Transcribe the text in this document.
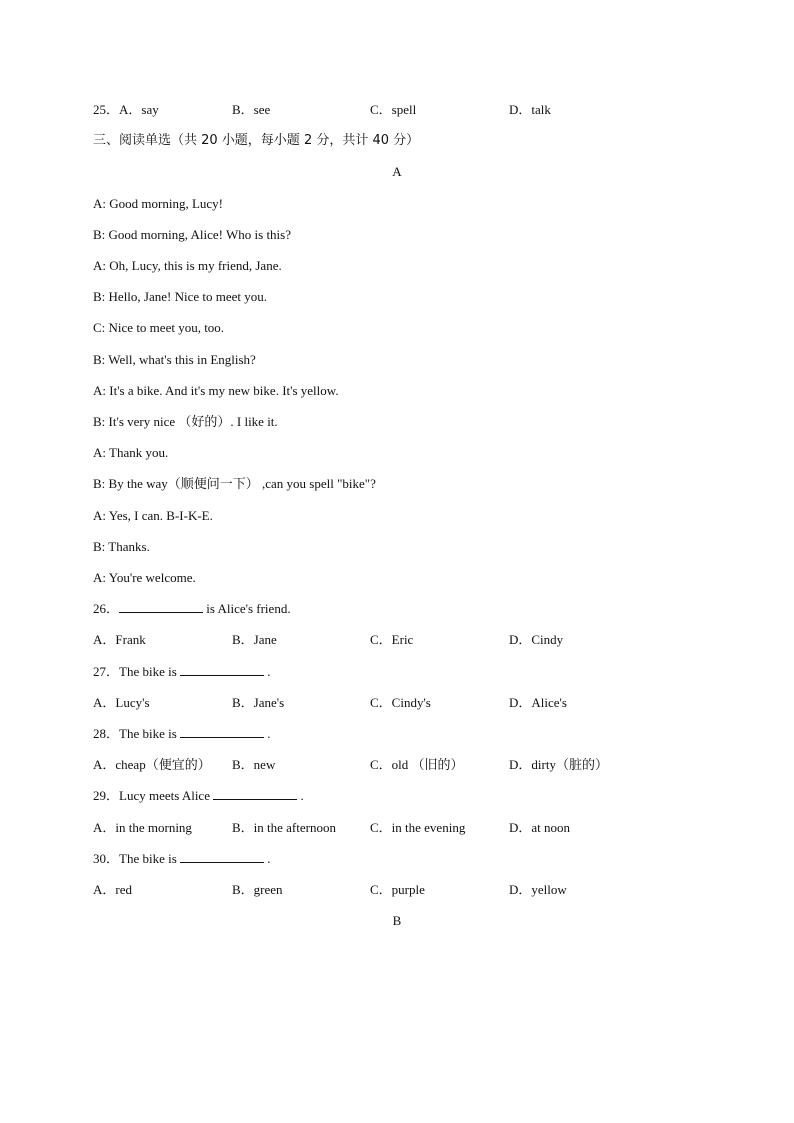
25．A．say	B．see	C．spell	D．talk
三、阅读单选（共 20 小题，每小题 2 分，共计 40 分）
A
A: Good morning, Lucy!
B: Good morning, Alice! Who is this?
A: Oh, Lucy, this is my friend, Jane.
B: Hello, Jane! Nice to meet you.
C: Nice to meet you, too.
B: Well, what's this in English?
A: It's a bike. And it's my new bike. It's yellow.
B: It's very nice （好的）. I like it.
A: Thank you.
B: By the way（顺便问一下） ,can you spell "bike"?
A: Yes, I can. B-I-K-E.
B: Thanks.
A: You're welcome.
26．	is Alice's friend.
A．Frank	B．Jane	C．Eric	D．Cindy
27．The bike is	.
A．Lucy's	B．Jane's	C．Cindy's	D．Alice's
28．The bike is	.
A．cheap（便宜的） B．new	C．old （旧的）	D．dirty（脏的）
29．Lucy meets Alice	.
A．in the morning	B．in the afternoon	C．in the evening	D．at noon
30．The bike is	.
A．red	B．green	C．purple	D．yellow
B
